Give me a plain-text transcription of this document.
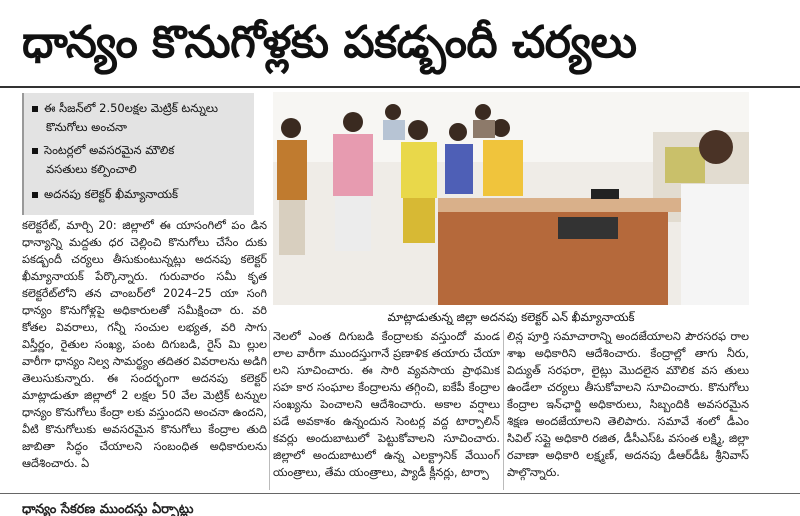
ధాన్యం కొనుగోళ్లకు పకడ్బందీ చర్యలు
ఈ సీజన్‌లో 2.50లక్షల మెట్రిక్ టన్నులు
కొనుగోలు అంచనా
సెంటర్లలో అవసరమైన మౌలిక
వసతులు కల్పించాలి
అదనపు కలెక్టర్ ఖీమ్యానాయక్
మాట్లాడుతున్న జిల్లా అదనపు కలెక్టర్ ఎన్ ఖీమ్యానాయక్

కలెక్టరేట్, మార్చి 20: జిల్లాలో ఈ యాసంగిలో పం డిన ధాన్యాన్ని మద్దతు ధర చెల్లించి కొనుగోలు చేసేం దుకు పకడ్బందీ చర్యలు తీసుకుంటున్నట్లు అదనపు కలెక్టర్ ఖీమ్యానాయక్ పేర్కొన్నారు. గురువారం సమీ కృత కలెక్టరేట్‌లోని తన చాంబర్‌లో 2024–25 యా సంగి ధాన్యం కొనుగోళ్లపై అధికారులతో సమీక్షించా రు. వరి కోతల వివరాలు, గన్నీ సంచుల లభ్యత, వరి సాగు విస్తీర్ణం, రైతుల సంఖ్య, పంట దిగుబడి, రైస్ మి ల్లుల వారీగా ధాన్యం నిల్వ సామర్థ్యం తదితర వివరాలను అడిగి తెలుసుకున్నారు. ఈ సందర్భంగా అదనపు కలెక్టర్ మాట్లాడుతూ జిల్లాలో 2 లక్షల 50 వేల మెట్రిక్ టన్నుల ధాన్యం కొనుగోలు కేంద్రా లకు వస్తుందని అంచనా ఉందని, వీటి కొనుగోలుకు అవసరమైన కొనుగోలు కేంద్రాల తుది జాబితా సిద్ధం చేయాలని సంబంధిత అధికారులను ఆదేశించారు. ఏ

నెలలో ఎంత దిగుబడి కేంద్రాలకు వస్తుందో మండ లాల వారీగా ముందస్తుగానే ప్రణాళిక తయారు చేయా లని సూచించారు. ఈ సారి వ్యవసాయ ప్రాథమిక సహ కార సంఘాల కేంద్రాలను తగ్గించి, ఐకేపీ కేంద్రాల సంఖ్యను పెంచాలని ఆదేశించారు. అకాల వర్షాలు పడే అవకాశం ఉన్నందున సెంటర్ల వద్ద టార్పాలిన్ కవర్లు అందుబాటులో పెట్టుకోవాలని సూచించారు. జిల్లాలో అందుబాటులో ఉన్న ఎలక్ట్రానిక్ వేయింగ్ యంత్రాలు, తేమ యంత్రాలు, ప్యాడీ క్లీనర్లు, టార్పా

లిన్ల పూర్తి సమాచారాన్ని అందజేయాలని పౌరసరఫ రాల శాఖ అధికారిని ఆదేశించారు. కేంద్రాల్లో తాగు నీరు, విద్యుత్ సరఫరా, లైట్లు మొదలైన మౌలిక వస తులు ఉండేలా చర్యలు తీసుకోవాలని సూచించారు. కొనుగోలు కేంద్రాల ఇన్‌ఛార్జి అధికారులు, సిబ్బందికి అవసరమైన శిక్షణ అందజేయాలని తెలిపారు. సమావే శంలో డీఎం సివిల్ సప్లై అధికారి రజిత, డీసీఎస్‌ఓ వసంత లక్ష్మి, జిల్లా రవాణా అధికారి లక్ష్మణ్, అదనపు డీఆర్‌డీఓ శ్రీనివాస్ పాల్గొన్నారు.

ధాన్యం సేకరణ ముందస్తు ఏర్పాట్లు
